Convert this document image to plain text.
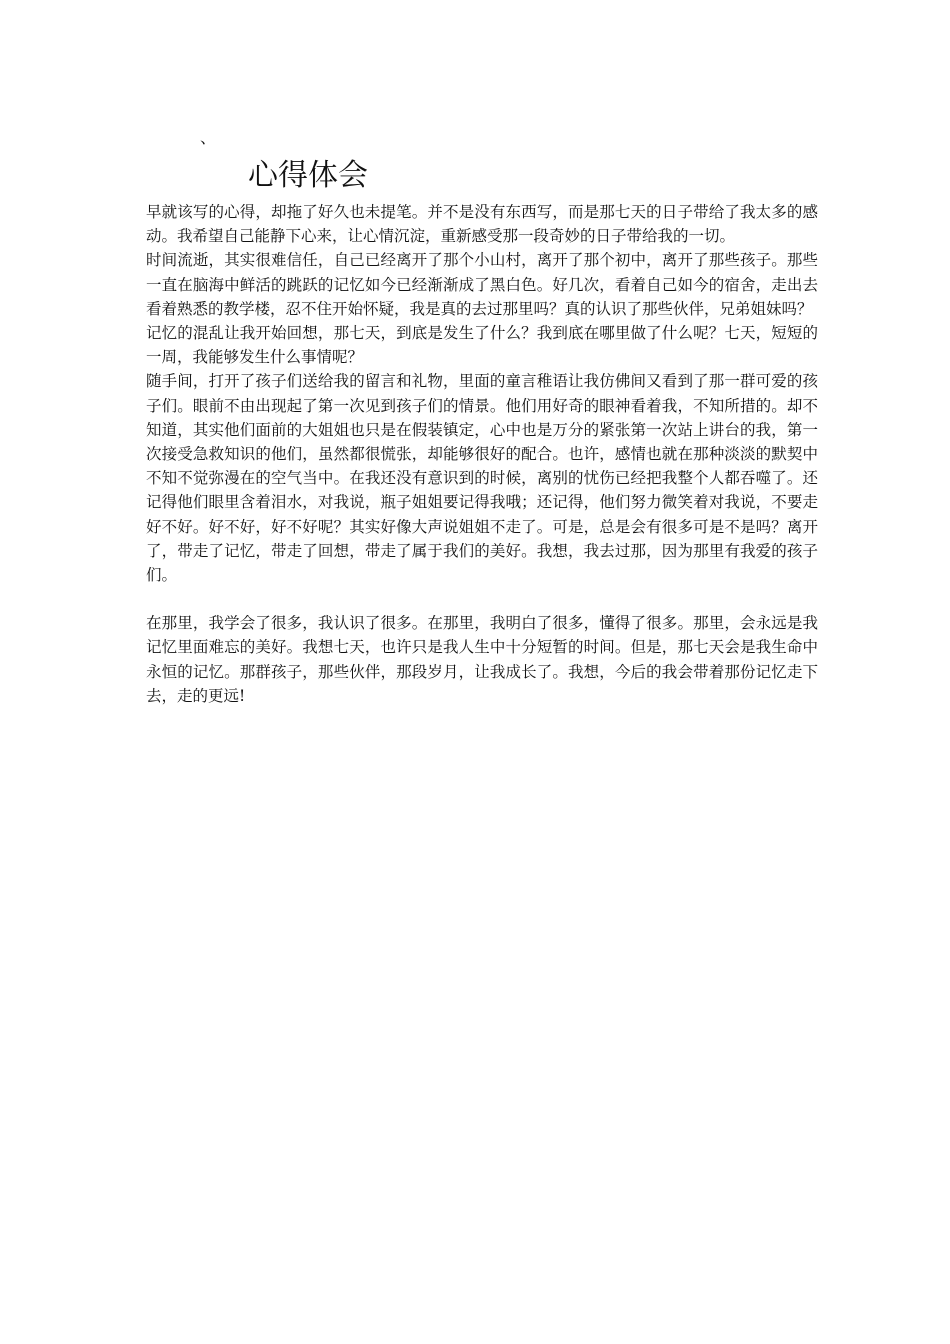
、
心得体会

早就该写的心得，却拖了好久也未提笔。并不是没有东西写，而是那七天的日子带给了我太多的感动。我希望自己能静下心来，让心情沉淀，重新感受那一段奇妙的日子带给我的一切。

时间流逝，其实很难信任，自己已经离开了那个小山村，离开了那个初中，离开了那些孩子。那些一直在脑海中鲜活的跳跃的记忆如今已经渐渐成了黑白色。好几次，看着自己如今的宿舍，走出去看着熟悉的教学楼，忍不住开始怀疑，我是真的去过那里吗？真的认识了那些伙伴，兄弟姐妹吗？

记忆的混乱让我开始回想，那七天，到底是发生了什么？我到底在哪里做了什么呢？七天，短短的一周，我能够发生什么事情呢？

随手间，打开了孩子们送给我的留言和礼物，里面的童言稚语让我仿佛间又看到了那一群可爱的孩子们。眼前不由出现起了第一次见到孩子们的情景。他们用好奇的眼神看着我，不知所措的。却不知道，其实他们面前的大姐姐也只是在假装镇定，心中也是万分的紧张第一次站上讲台的我，第一次接受急救知识的他们，虽然都很慌张，却能够很好的配合。也许，感情也就在那种淡淡的默契中不知不觉弥漫在的空气当中。在我还没有意识到的时候，离别的忧伤已经把我整个人都吞噬了。还记得他们眼里含着泪水，对我说，瓶子姐姐要记得我哦；还记得，他们努力微笑着对我说，不要走好不好。好不好，好不好呢？其实好像大声说姐姐不走了。可是，总是会有很多可是不是吗？离开了，带走了记忆，带走了回想，带走了属于我们的美好。我想，我去过那，因为那里有我爱的孩子们。

在那里，我学会了很多，我认识了很多。在那里，我明白了很多，懂得了很多。那里，会永远是我记忆里面难忘的美好。我想七天，也许只是我人生中十分短暂的时间。但是，那七天会是我生命中永恒的记忆。那群孩子，那些伙伴，那段岁月，让我成长了。我想，今后的我会带着那份记忆走下去，走的更远!
